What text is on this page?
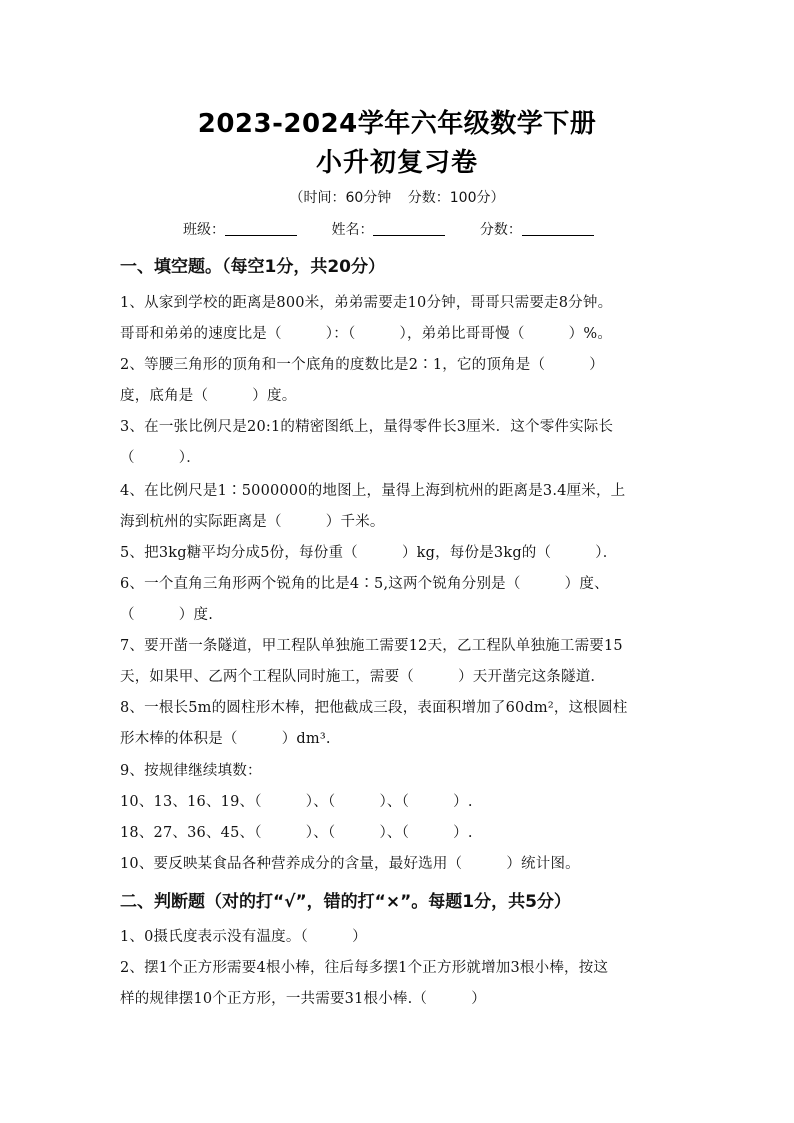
2023-2024学年六年级数学下册
小升初复习卷
（时间：60分钟 分数：100分）
班级：	姓名：	分数：
一、填空题。（每空1分，共20分）
1、从家到学校的距离是800米，弟弟需要走10分钟，哥哥只需要走8分钟。
哥哥和弟弟的速度比是（　　　）：（　　　），弟弟比哥哥慢（　　　）%。
2、等腰三角形的顶角和一个底角的度数比是2∶1，它的顶角是（　　　）
度，底角是（　　　）度。
3、在一张比例尺是20:1的精密图纸上，量得零件长3厘米．这个零件实际长
（　　　）．
4、在比例尺是1∶5000000的地图上，量得上海到杭州的距离是3.4厘米，上
海到杭州的实际距离是（　　　）千米。
5、把3kg糖平均分成5份，每份重（　　　）kg，每份是3kg的（　　　）．
6、一个直角三角形两个锐角的比是4∶5,这两个锐角分别是（　　　）度、
（　　　）度.
7、要开凿一条隧道，甲工程队单独施工需要12天，乙工程队单独施工需要15
天，如果甲、乙两个工程队同时施工，需要（　　　）天开凿完这条隧道.
8、一根长5m的圆柱形木棒，把他截成三段，表面积增加了60dm²，这根圆柱
形木棒的体积是（　　　）dm³.
9、按规律继续填数：
10、13、16、19、（　　　）、（　　　）、（　　　）.
18、27、36、45、（　　　）、（　　　）、（　　　）.
10、要反映某食品各种营养成分的含量，最好选用（　　　）统计图。
二、判断题（对的打“√”，错的打“×”。每题1分，共5分）
1、0摄氏度表示没有温度。（　　　）
2、摆1个正方形需要4根小棒，往后每多摆1个正方形就增加3根小棒，按这
样的规律摆10个正方形，一共需要31根小棒.（　　　）
